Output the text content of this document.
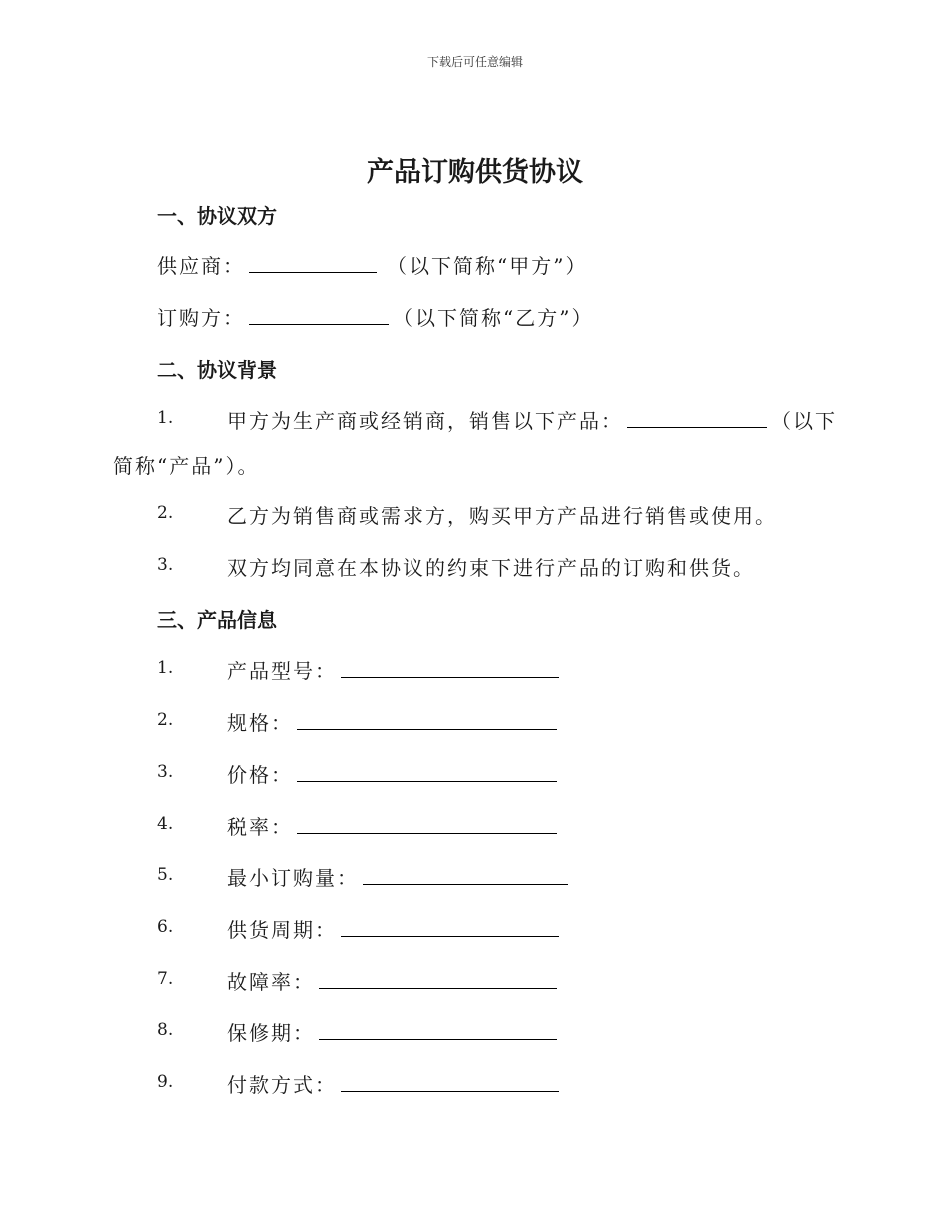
下载后可任意编辑
产品订购供货协议
一、协议双方
供应商：	（以下简称“甲方”）
订购方：	（以下简称“乙方”）
二、协议背景
1.	甲方为生产商或经销商，销售以下产品：	（以下
简称“产品”）。
2.	乙方为销售商或需求方，购买甲方产品进行销售或使用。
3.	双方均同意在本协议的约束下进行产品的订购和供货。
三、产品信息
1.	产品型号：
2.	规格：
3.	价格：
4.	税率：
5.	最小订购量：
6.	供货周期：
7.	故障率：
8.	保修期：
9.	付款方式：
